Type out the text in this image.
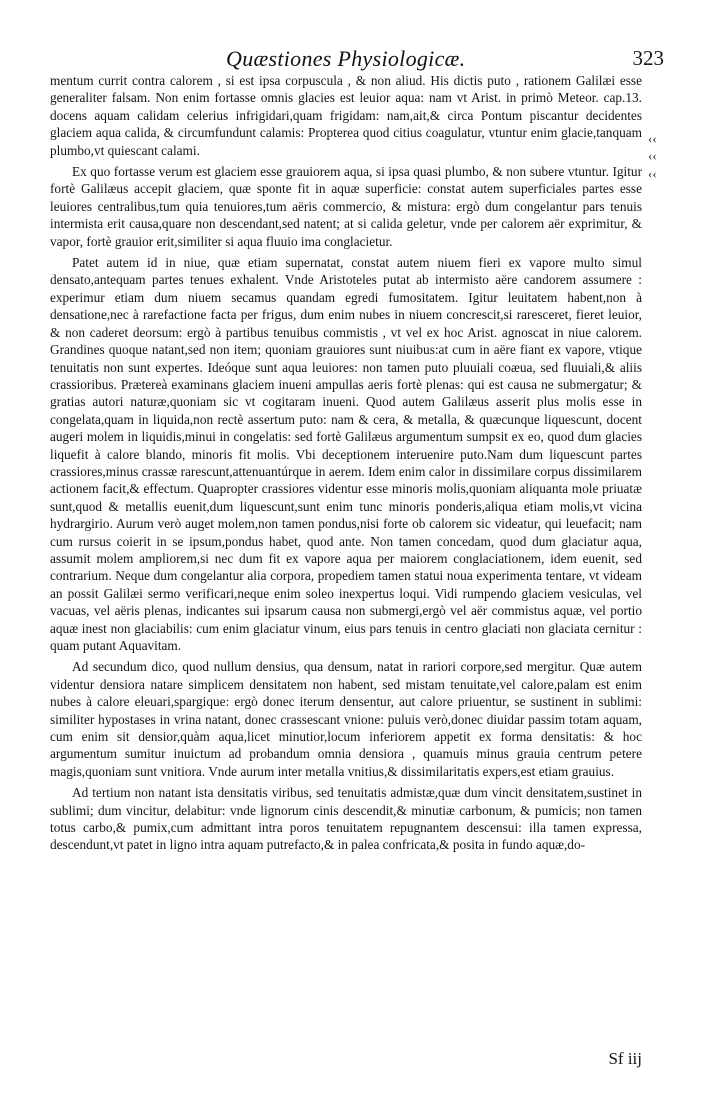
Quæstiones Physiologicæ.	323
‹‹
‹‹
‹‹

mentum currit contra calorem , si est ipsa corpuscula , & non aliud. His dictis puto , rationem Galilæi esse generaliter falsam. Non enim fortasse omnis glacies est leuior aqua: nam vt Arist. in primò Meteor. cap.13. docens aquam calidam celerius infrigidari,quam frigidam: nam,ait,& circa Pontum piscantur decidentes glaciem aqua calida, & circumfundunt calamis: Propterea quod citius coagulatur, vtuntur enim glacie,tanquam plumbo,vt quiescant calami.

Ex quo fortasse verum est glaciem esse grauiorem aqua, si ipsa quasi plumbo, & non subere vtuntur. Igitur fortè Galilæus accepit glaciem, quæ sponte fit in aquæ superficie: constat autem superficiales partes esse leuiores centralibus,tum quia tenuiores,tum aëris commercio, & mistura: ergò dum congelantur pars tenuis intermista erit causa,quare non descendant,sed natent; at si calida geletur, vnde per calorem aër exprimitur, & vapor, fortè grauior erit,similiter si aqua fluuio ima conglacietur.

Patet autem id in niue, quæ etiam supernatat, constat autem niuem fieri ex vapore multo simul densato,antequam partes tenues exhalent. Vnde Aristoteles putat ab intermisto aëre candorem assumere : experimur etiam dum niuem secamus quandam egredi fumositatem. Igitur leuitatem habent,non à densatione,nec à rarefactione facta per frigus, dum enim nubes in niuem concrescit,si raresceret, fieret leuior, & non caderet deorsum: ergò à partibus tenuibus commistis , vt vel ex hoc Arist. agnoscat in niue calorem. Grandines quoque natant,sed non item; quoniam grauiores sunt niuibus:at cum in aëre fiant ex vapore, vtique tenuitatis non sunt expertes. Ideóque sunt aqua leuiores: non tamen puto pluuiali coæua, sed fluuiali,& aliis crassioribus. Prætereà examinans glaciem inueni ampullas aeris fortè plenas: qui est causa ne submergatur; & gratias autori naturæ,quoniam sic vt cogitaram inueni. Quod autem Galilæus asserit plus molis esse in congelata,quam in liquida,non rectè assertum puto: nam & cera, & metalla, & quæcunque liquescunt, docent augeri molem in liquidis,minui in congelatis: sed fortè Galilæus argumentum sumpsit ex eo, quod dum glacies liquefit à calore blando, minoris fit molis. Vbi deceptionem interuenire puto.Nam dum liquescunt partes crassiores,minus crassæ rarescunt,attenuantúrque in aerem. Idem enim calor in dissimilare corpus dissimilarem actionem facit,& effectum. Quapropter crassiores videntur esse minoris molis,quoniam aliquanta mole priuatæ sunt,quod & metallis euenit,dum liquescunt,sunt enim tunc minoris ponderis,aliqua etiam molis,vt vicina hydrargirio. Aurum verò auget molem,non tamen pondus,nisi forte ob calorem sic videatur, qui leuefacit; nam cum rursus coierit in se ipsum,pondus habet, quod ante. Non tamen concedam, quod dum glaciatur aqua, assumit molem ampliorem,si nec dum fit ex vapore aqua per maiorem conglaciationem, idem euenit, sed contrarium. Neque dum congelantur alia corpora, propediem tamen statui noua experimenta tentare, vt videam an possit Galilæi sermo verificari,neque enim soleo inexpertus loqui. Vidi rumpendo glaciem vesiculas, vel vacuas, vel aëris plenas, indicantes sui ipsarum causa non submergi,ergò vel aër commistus aquæ, vel portio aquæ inest non glaciabilis: cum enim glaciatur vinum, eius pars tenuis in centro glaciati non glaciata cernitur : quam putant Aquavitam.

Ad secundum dico, quod nullum densius, qua densum, natat in rariori corpore,sed mergitur. Quæ autem videntur densiora natare simplicem densitatem non habent, sed mistam tenuitate,vel calore,palam est enim nubes à calore eleuari,spargique: ergò donec iterum densentur, aut calore priuentur, se sustinent in sublimi: similiter hypostases in vrina natant, donec crassescant vnione: puluis verò,donec diuidar passim totam aquam, cum enim sit densior,quàm aqua,licet minutior,locum inferiorem appetit ex forma densitatis: & hoc argumentum sumitur inuictum ad probandum omnia densiora , quamuis minus grauia centrum petere magis,quoniam sunt vnitiora. Vnde aurum inter metalla vnitius,& dissimilaritatis expers,est etiam grauius.

Ad tertium non natant ista densitatis viribus, sed tenuitatis admistæ,quæ dum vincit densitatem,sustinet in sublimi; dum vincitur, delabitur: vnde lignorum cinis descendit,& minutiæ carbonum, & pumicis; non tamen totus carbo,& pumix,cum admittant intra poros tenuitatem repugnantem descensui: illa tamen expressa, descendunt,vt patet in ligno intra aquam putrefacto,& in palea confricata,& posita in fundo aquæ,do-

Sf iij
